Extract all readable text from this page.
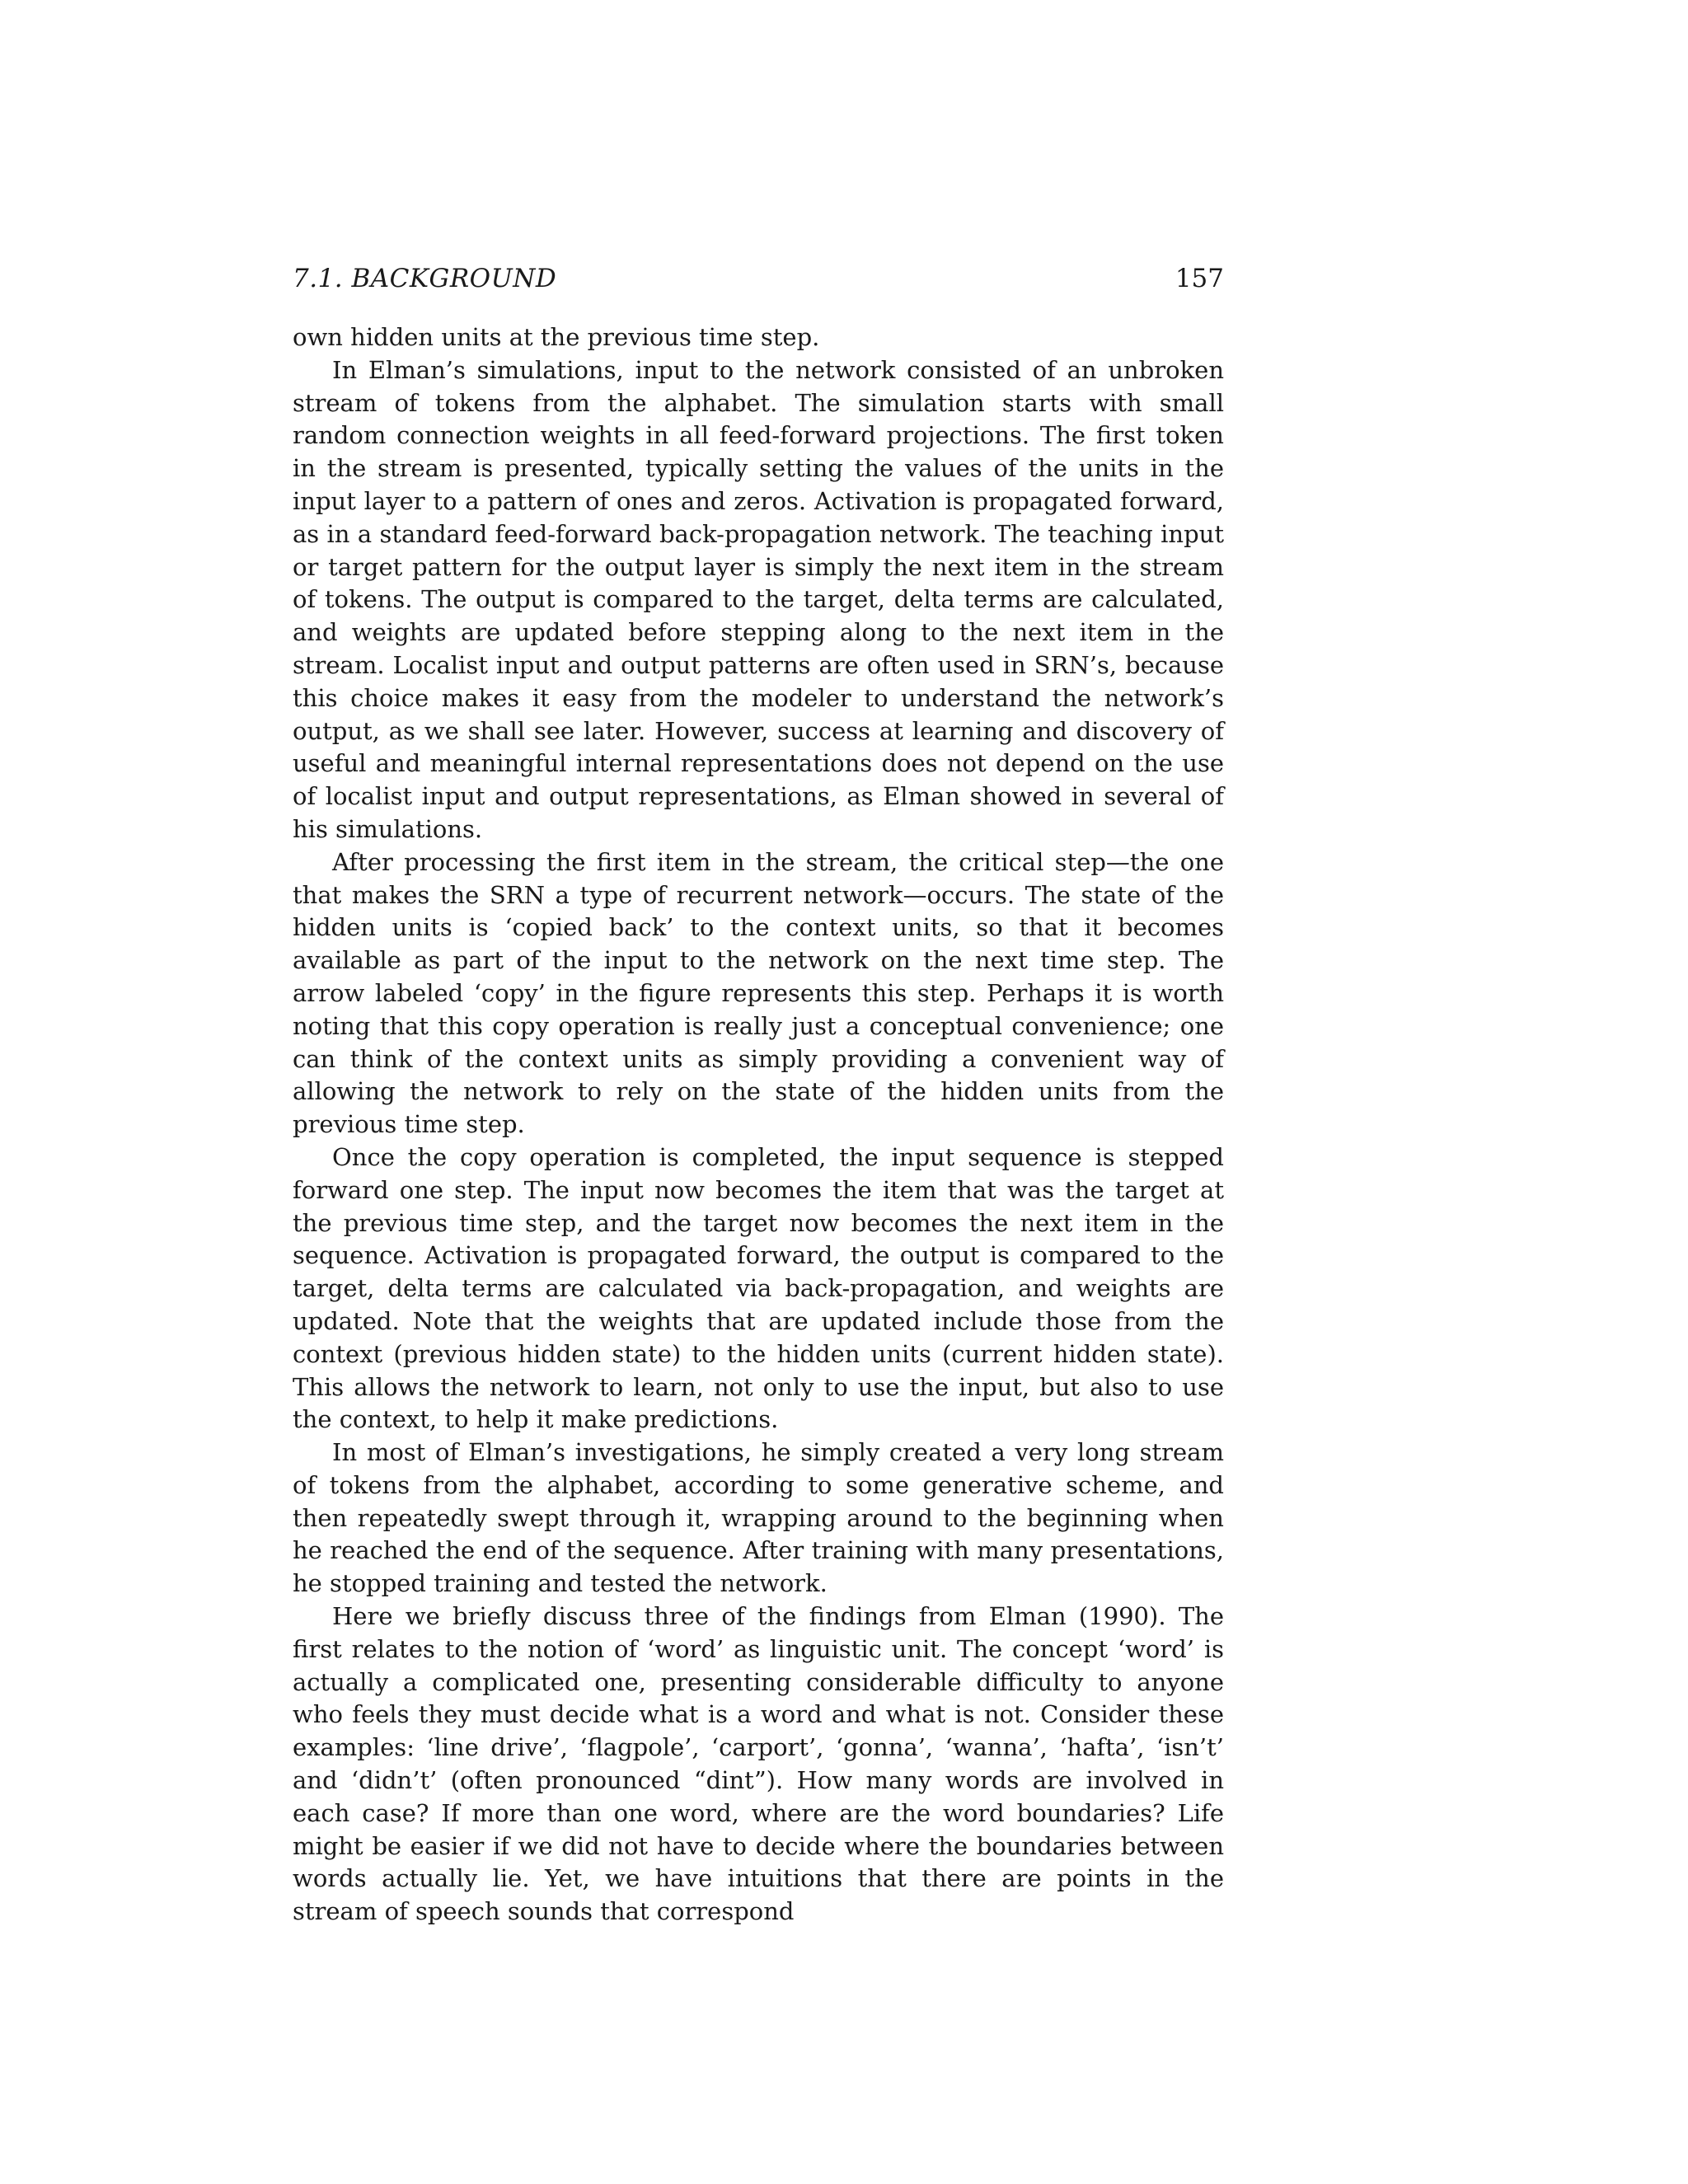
7.1. BACKGROUND	157

own hidden units at the previous time step.

In Elman’s simulations, input to the network consisted of an unbroken stream of tokens from the alphabet. The simulation starts with small random connection weights in all feed-forward projections. The first token in the stream is presented, typically setting the values of the units in the input layer to a pattern of ones and zeros. Activation is propagated forward, as in a standard feed-forward back-propagation network. The teaching input or target pattern for the output layer is simply the next item in the stream of tokens. The output is compared to the target, delta terms are calculated, and weights are updated before stepping along to the next item in the stream. Localist input and output patterns are often used in SRN’s, because this choice makes it easy from the modeler to understand the network’s output, as we shall see later. However, success at learning and discovery of useful and meaningful internal representations does not depend on the use of localist input and output representations, as Elman showed in several of his simulations.

After processing the first item in the stream, the critical step—the one that makes the SRN a type of recurrent network—occurs. The state of the hidden units is ‘copied back’ to the context units, so that it becomes available as part of the input to the network on the next time step. The arrow labeled ‘copy’ in the figure represents this step. Perhaps it is worth noting that this copy operation is really just a conceptual convenience; one can think of the context units as simply providing a convenient way of allowing the network to rely on the state of the hidden units from the previous time step.

Once the copy operation is completed, the input sequence is stepped forward one step. The input now becomes the item that was the target at the previous time step, and the target now becomes the next item in the sequence. Activation is propagated forward, the output is compared to the target, delta terms are calculated via back-propagation, and weights are updated. Note that the weights that are updated include those from the context (previous hidden state) to the hidden units (current hidden state). This allows the network to learn, not only to use the input, but also to use the context, to help it make predictions.

In most of Elman’s investigations, he simply created a very long stream of tokens from the alphabet, according to some generative scheme, and then repeatedly swept through it, wrapping around to the beginning when he reached the end of the sequence. After training with many presentations, he stopped training and tested the network.

Here we briefly discuss three of the findings from Elman (1990). The first relates to the notion of ‘word’ as linguistic unit. The concept ‘word’ is actually a complicated one, presenting considerable difficulty to anyone who feels they must decide what is a word and what is not. Consider these examples: ‘line drive’, ‘flagpole’, ‘carport’, ‘gonna’, ‘wanna’, ‘hafta’, ‘isn’t’ and ‘didn’t’ (often pronounced “dint”). How many words are involved in each case? If more than one word, where are the word boundaries? Life might be easier if we did not have to decide where the boundaries between words actually lie. Yet, we have intuitions that there are points in the stream of speech sounds that correspond
